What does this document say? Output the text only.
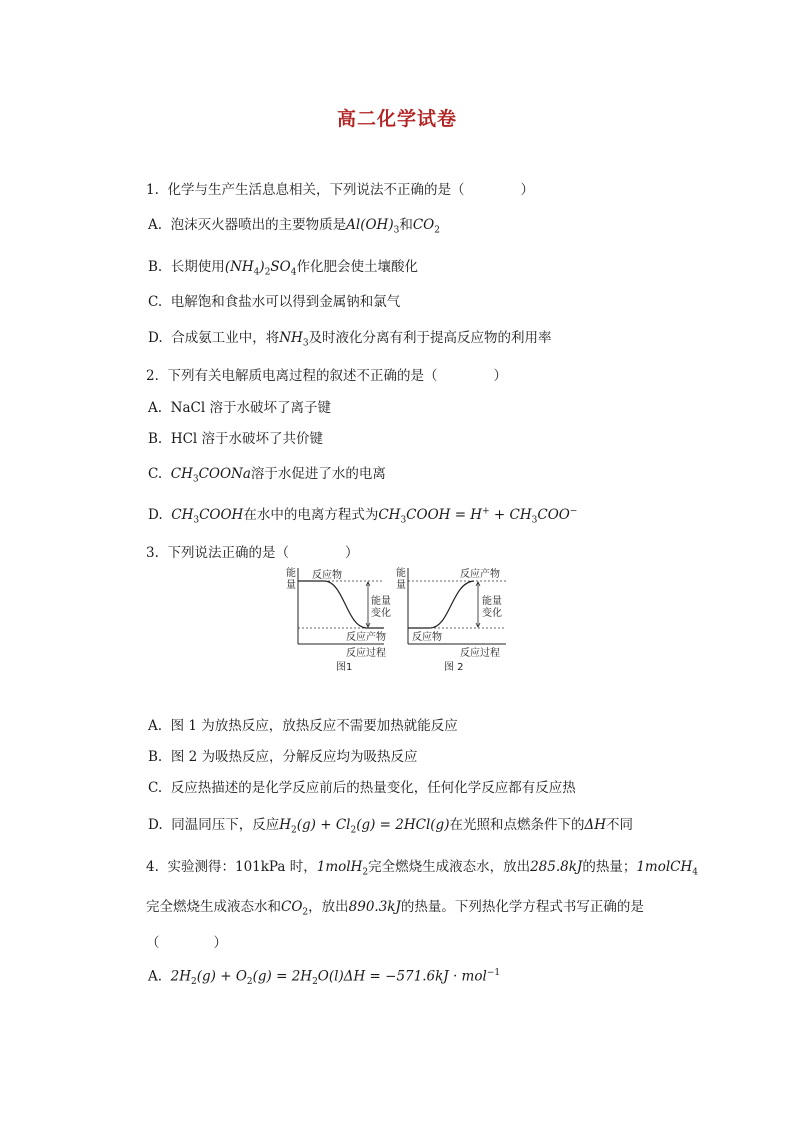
高二化学试卷
1. 化学与生产生活息息相关，下列说法不正确的是（	）
A. 泡沫灭火器喷出的主要物质是$Al(OH)_3$和$CO_2$
B. 长期使用$(NH_4)_2SO_4$作化肥会使土壤酸化
C. 电解饱和食盐水可以得到金属钠和氯气
D. 合成氨工业中，将$NH_3$及时液化分离有利于提高反应物的利用率
2. 下列有关电解质电离过程的叙述不正确的是（	）
A. NaCl 溶于水破坏了离子键
B. HCl 溶于水破坏了共价键
C. $CH_3COONa$溶于水促进了水的电离
D. $CH_3COOH$在水中的电离方程式为$CH_3COOH = H^+ + CH_3COO^-$
3. 下列说法正确的是（	）
能
量
反应物
能量
变化
反应产物
反应过程
图1
能
量
反应产物
能量
变化
反应物
反应过程
图 2
A. 图 1 为放热反应，放热反应不需要加热就能反应
B. 图 2 为吸热反应，分解反应均为吸热反应
C. 反应热描述的是化学反应前后的热量变化，任何化学反应都有反应热
D. 同温同压下，反应$H_2(g) + Cl_2(g) = 2HCl(g)$在光照和点燃条件下的ΔH不同
4. 实验测得：101kPa 时，1molH$_2$完全燃烧生成液态水，放出285.8kJ的热量；1molCH$_4$
完全燃烧生成液态水和$CO_2$，放出890.3kJ的热量。下列热化学方程式书写正确的是
（　　　　）
A. $2H_2(g) + O_2(g) = 2H_2O(l)\Delta H = -571.6kJ \cdot mol^{-1}$
